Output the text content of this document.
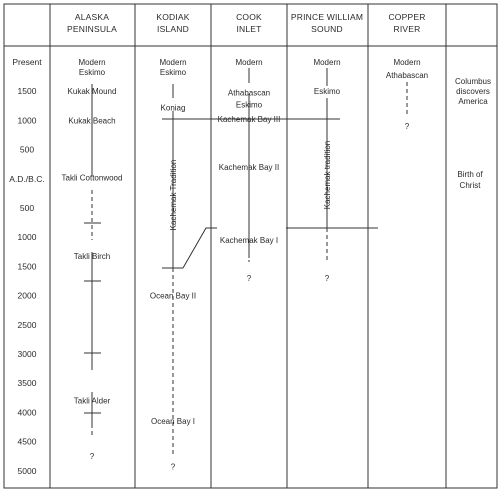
ALASKA
PENINSULA
KODIAK
ISLAND
COOK
INLET
PRINCE WILLIAM
SOUND
COPPER
RIVER
Present
1500
1000
500
A.D./B.C.
500
1000
1500
2000
2500
3000
3500
4000
4500
5000
Modern
Eskimo
Kukak Mound
Kukak Beach
Takli Cottonwood
Takli Birch
Takli Alder
?
Modern
Eskimo
Koniag
Ocean Bay II
Ocean Bay I
?
Modern
Athabascan
Eskimo
Kachemak Bay III
Kachemak Bay II
Kachemak Bay I
?
Modern
Eskimo
?
Modern
Athabascan
?
Kachemak Tradition	Kachemak tradition
Columbus
discovers
America
Birth of
Christ
